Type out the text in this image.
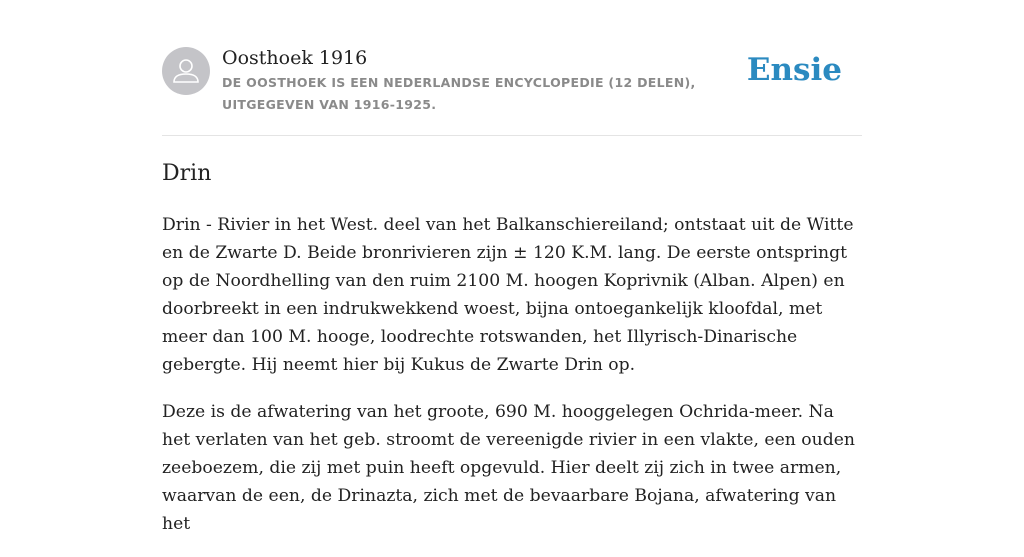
Oosthoek 1916
DE OOSTHOEK IS EEN NEDERLANDSE ENCYCLOPEDIE (12 DELEN), UITGEGEVEN VAN 1916-1925.
Ensie
Drin

Drin - Rivier in het West. deel van het Balkanschiereiland; ontstaat uit de Witte en de Zwarte D. Beide bronrivieren zijn ± 120 K.M. lang. De eerste ontspringt op de Noordhelling van den ruim 2100 M. hoogen Koprivnik (Alban. Alpen) en doorbreekt in een indrukwekkend woest, bijna ontoegankelijk kloofdal, met meer dan 100 M. hooge, loodrechte rotswanden, het Illyrisch-Dinarische gebergte. Hij neemt hier bij Kukus de Zwarte Drin op.

Deze is de afwatering van het groote, 690 M. hooggelegen Ochrida-meer. Na het verlaten van het geb. stroomt de vereenigde rivier in een vlakte, een ouden zeeboezem, die zij met puin heeft opgevuld. Hier deelt zij zich in twee armen, waarvan de een, de Drinazta, zich met de bevaarbare Bojana, afwatering van het
